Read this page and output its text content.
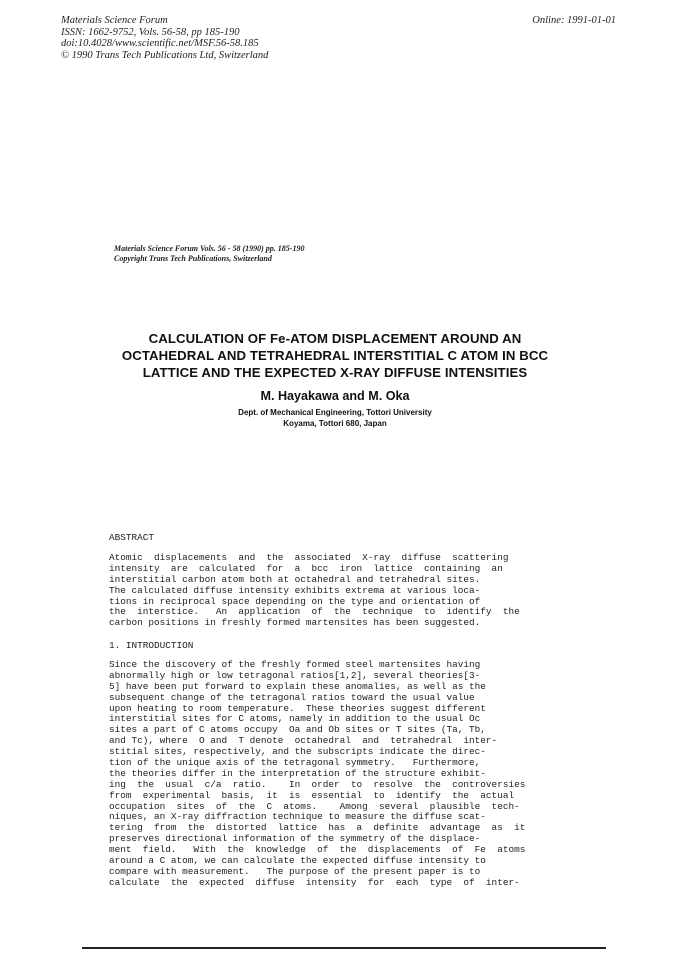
Materials Science Forum
ISSN: 1662-9752, Vols. 56-58, pp 185-190
doi:10.4028/www.scientific.net/MSF.56-58.185
© 1990 Trans Tech Publications Ltd, Switzerland
Online: 1991-01-01
Materials Science Forum Vols. 56 - 58 (1990) pp. 185-190
Copyright Trans Tech Publications, Switzerland
CALCULATION OF Fe-ATOM DISPLACEMENT AROUND AN
OCTAHEDRAL AND TETRAHEDRAL INTERSTITIAL C ATOM IN BCC
LATTICE AND THE EXPECTED X-RAY DIFFUSE INTENSITIES
M. Hayakawa and M. Oka
Dept. of Mechanical Engineering, Tottori University
Koyama, Tottori 680, Japan
ABSTRACT
Atomic  displacements  and  the  associated  X-ray  diffuse  scattering
intensity  are  calculated  for  a  bcc  iron  lattice  containing  an
interstitial carbon atom both at octahedral and tetrahedral sites.
The calculated diffuse intensity exhibits extrema at various loca-
tions in reciprocal space depending on the type and orientation of
the  interstice.   An  application  of  the  technique  to  identify  the
carbon positions in freshly formed martensites has been suggested.
1. INTRODUCTION
Since the discovery of the freshly formed steel martensites having
abnormally high or low tetragonal ratios[1,2], several theories[3-
5] have been put forward to explain these anomalies, as well as the
subsequent change of the tetragonal ratios toward the usual value
upon heating to room temperature.  These theories suggest different
interstitial sites for C atoms, namely in addition to the usual Oc
sites a part of C atoms occupy  Oa and Ob sites or T sites (Ta, Tb,
and Tc), where  O and  T denote  octahedral  and  tetrahedral  inter-
stitial sites, respectively, and the subscripts indicate the direc-
tion of the unique axis of the tetragonal symmetry.   Furthermore,
the theories differ in the interpretation of the structure exhibit-
ing  the  usual  c/a  ratio.    In  order  to  resolve  the  controversies
from  experimental  basis,  it  is  essential  to  identify  the  actual
occupation  sites  of  the  C  atoms.    Among  several  plausible  tech-
niques, an X-ray diffraction technique to measure the diffuse scat-
tering  from  the  distorted  lattice  has  a  definite  advantage  as  it
preserves directional information of the symmetry of the displace-
ment  field.   With  the  knowledge  of  the  displacements  of  Fe  atoms
around a C atom, we can calculate the expected diffuse intensity to
compare with measurement.   The purpose of the present paper is to
calculate  the  expected  diffuse  intensity  for  each  type  of  inter-
